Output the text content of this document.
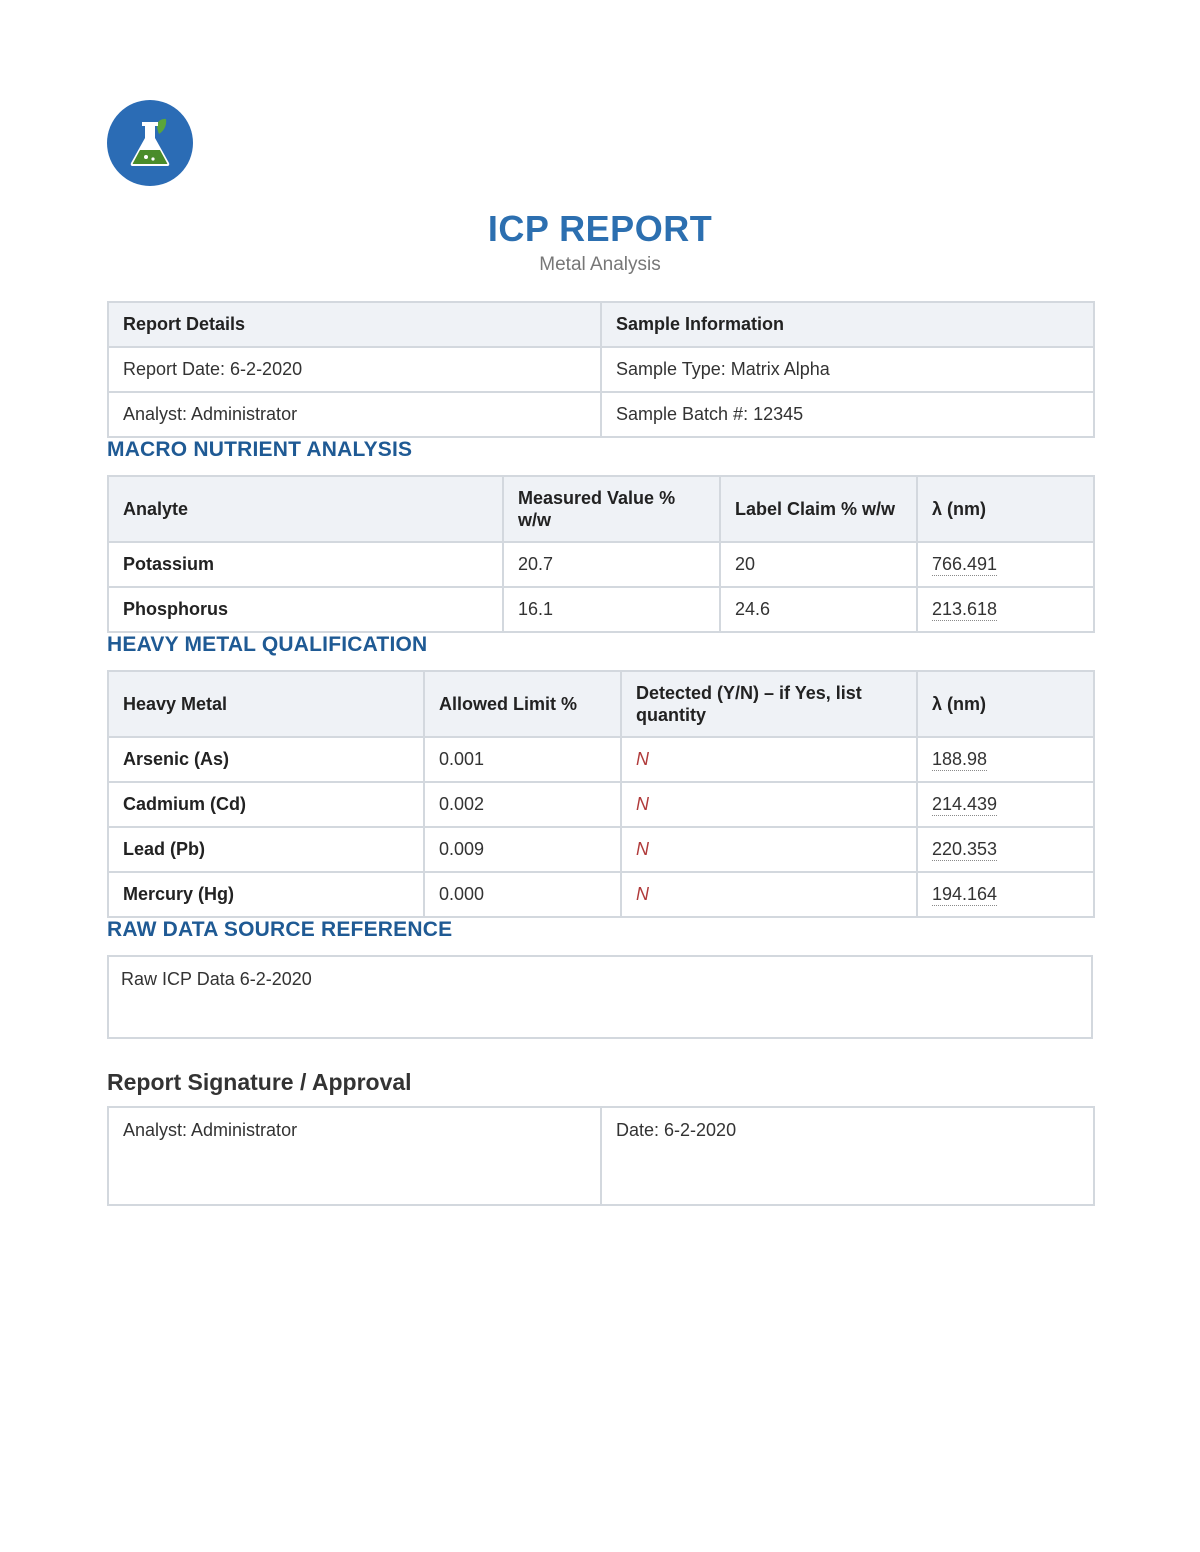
ICP REPORT
Metal Analysis
Report Details	Sample Information
Report Date: 6-2-2020	Sample Type: Matrix Alpha
Analyst: Administrator	Sample Batch #: 12345
MACRO NUTRIENT ANALYSIS
Analyte	Measured Value % w/w	Label Claim % w/w	λ (nm)
Potassium	20.7	20	766.491
Phosphorus	16.1	24.6	213.618
HEAVY METAL QUALIFICATION
Heavy Metal	Allowed Limit %	Detected (Y/N) – if Yes, list quantity	λ (nm)
Arsenic (As)	0.001	N	188.98
Cadmium (Cd)	0.002	N	214.439
Lead (Pb)	0.009	N	220.353
Mercury (Hg)	0.000	N	194.164
RAW DATA SOURCE REFERENCE
Raw ICP Data 6-2-2020
Report Signature / Approval
Analyst: Administrator	Date: 6-2-2020
